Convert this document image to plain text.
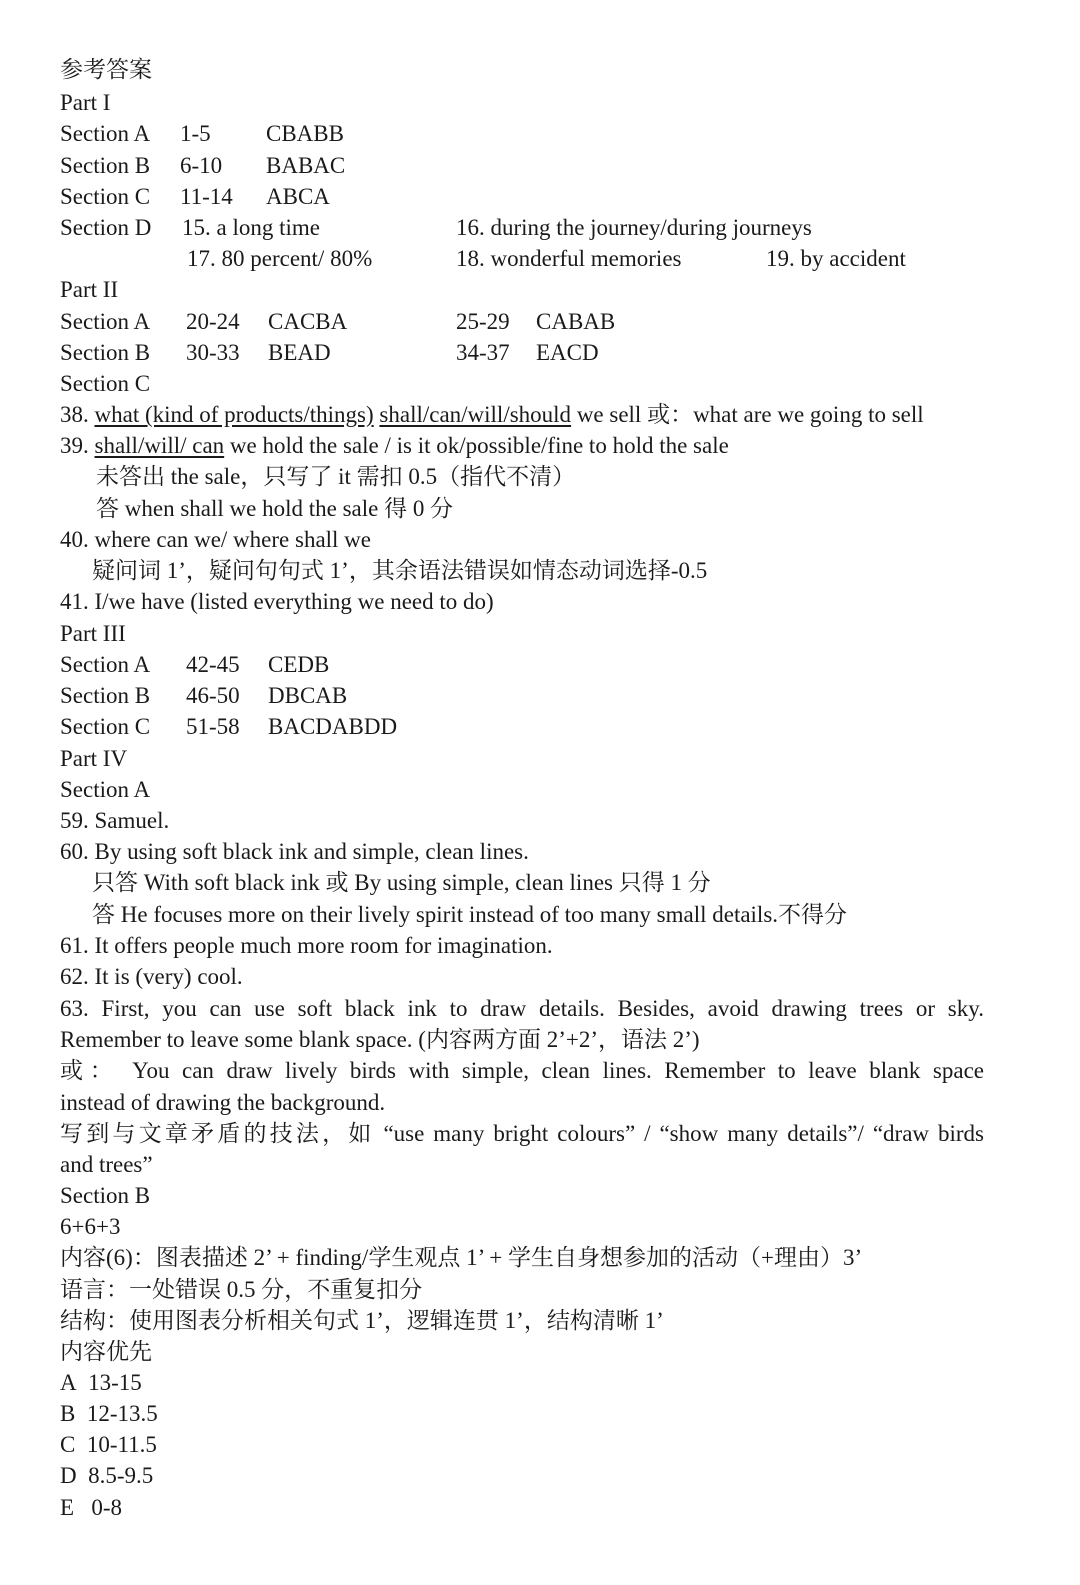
参考答案
Part I
Section A 1-5 CBABB
Section B 6-10 BABAC
Section C 11-14 ABCA
Section D 15. a long time	16. during the journey/during journeys
17. 80 percent/ 80%	18. wonderful memories	19. by accident
Part II
Section A 20-24 CACBA	25-29 CABAB
Section B 30-33 BEAD	34-37 EACD
Section C
38. what (kind of products/things) shall/can/will/should we sell 或：what are we going to sell
39. shall/will/ can we hold the sale / is it ok/possible/fine to hold the sale
未答出 the sale，只写了 it 需扣 0.5（指代不清）
答 when shall we hold the sale 得 0 分
40. where can we/ where shall we
疑问词 1’，疑问句句式 1’，其余语法错误如情态动词选择-0.5
41. I/we have (listed everything we need to do)
Part III
Section A 42-45 CEDB
Section B 46-50 DBCAB
Section C 51-58 BACDABDD
Part IV
Section A
59. Samuel.
60. By using soft black ink and simple, clean lines.
只答 With soft black ink 或 By using simple, clean lines 只得 1 分
答 He focuses more on their lively spirit instead of too many small details.不得分
61. It offers people much more room for imagination.
62. It is (very) cool.
63. First, you can use soft black ink to draw details. Besides, avoid drawing trees or sky.
Remember to leave some blank space. (内容两方面 2’+2’，语法 2’)
或： You can draw lively birds with simple, clean lines. Remember to leave blank space
instead of drawing the background.
写到与文章矛盾的技法，如 “use many bright colours” / “show many details”/ “draw birds
and trees”
Section B
6+6+3
内容(6)：图表描述 2’ + finding/学生观点 1’ + 学生自身想参加的活动（+理由）3’
语言：一处错误 0.5 分，不重复扣分
结构：使用图表分析相关句式 1’，逻辑连贯 1’，结构清晰 1’
内容优先
A 13-15
B 12-13.5
C 10-11.5
D 8.5-9.5
E 0-8
